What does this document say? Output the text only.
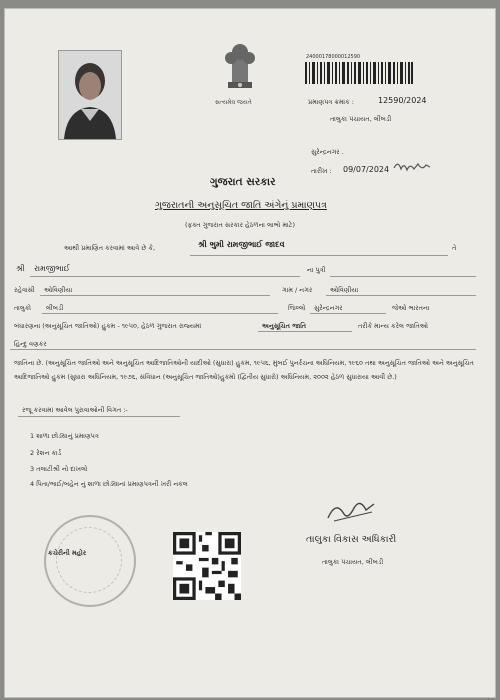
સત્યમેવ જયતે
24000178000012590
પ્રમાણપત્ર ક્રમાંક :	12590/2024
તાલુકા પંચાયત, લીંબડી
સુરેન્દ્રનગર .
તારીખ : 09/07/2024
ગુજરાત સરકાર
ગુજરાતની અનુસૂચિત જાતિ અંગેનું પ્રમાણપત્ર
(ફક્ત ગુજરાત સરકાર હેઠળના લાભો માટે)
આથી પ્રમાણિત કરવામાં આવે છે કે,	શ્રી ભુમી રામજીભાઈ જાદવ	તે
શ્રી રામજીભાઈ	ના પુત્રી
રહેવાસી ઓવિણીયા	ગામ / નગર	ઓવિણીયા
તાલુકો લીંબડી	જિલ્લો સુરેન્દ્રનગર	જેઓ ભારતના
બંધારણના (અનુસૂચિત જાતિઓ) હુકમ - ૧૯૫૦, હેઠળ ગુજરાત રાજ્યમાં	અનુસૂચિત જાતિ	તરીકે માન્ય કરેલ જાતિઓ
હિન્દુ વણકર
જાતિના છે. (અનુસૂચિત જાતિઓ અને અનુસૂચિત આદિજાતિઓની યાદીઓ (સુધારા) હુકમ, ૧૯૫૬, મુંબઈ પુનર્રચના અધિનિયમ, ૧૯૬૦ તથા અનુસૂચિત જાતિઓ અને અનુસૂચિત આદિજાતિઓ હુકમ (સુધારા અધિનિયમ, ૧૯૭૬, સંવિધાન (અનુસૂચિત જાતિઓ)હુકમો (દ્વિતીય સુધારો) અધિનિયમ, ૨૦૦૨ હેઠળ સુધારાયા આવી છે.)
રજૂ કરવામાં આવેલ પુરાવાઓની વિગત :-
1 શાળા છોડ્યાનું પ્રમાણપત્ર
2 રેશન કાર્ડ
3 તલાટીશ્રી નો દાખલો
4 પિતા/ભાઈ/બહેન નું શાળા છોડ્યાનાં પ્રમાણપત્રની ખરી નકલ
કચેરીની મહોર
તાલુકા વિકાસ અધિકારી
તાલુકા પંચાયત, લીંબડી
